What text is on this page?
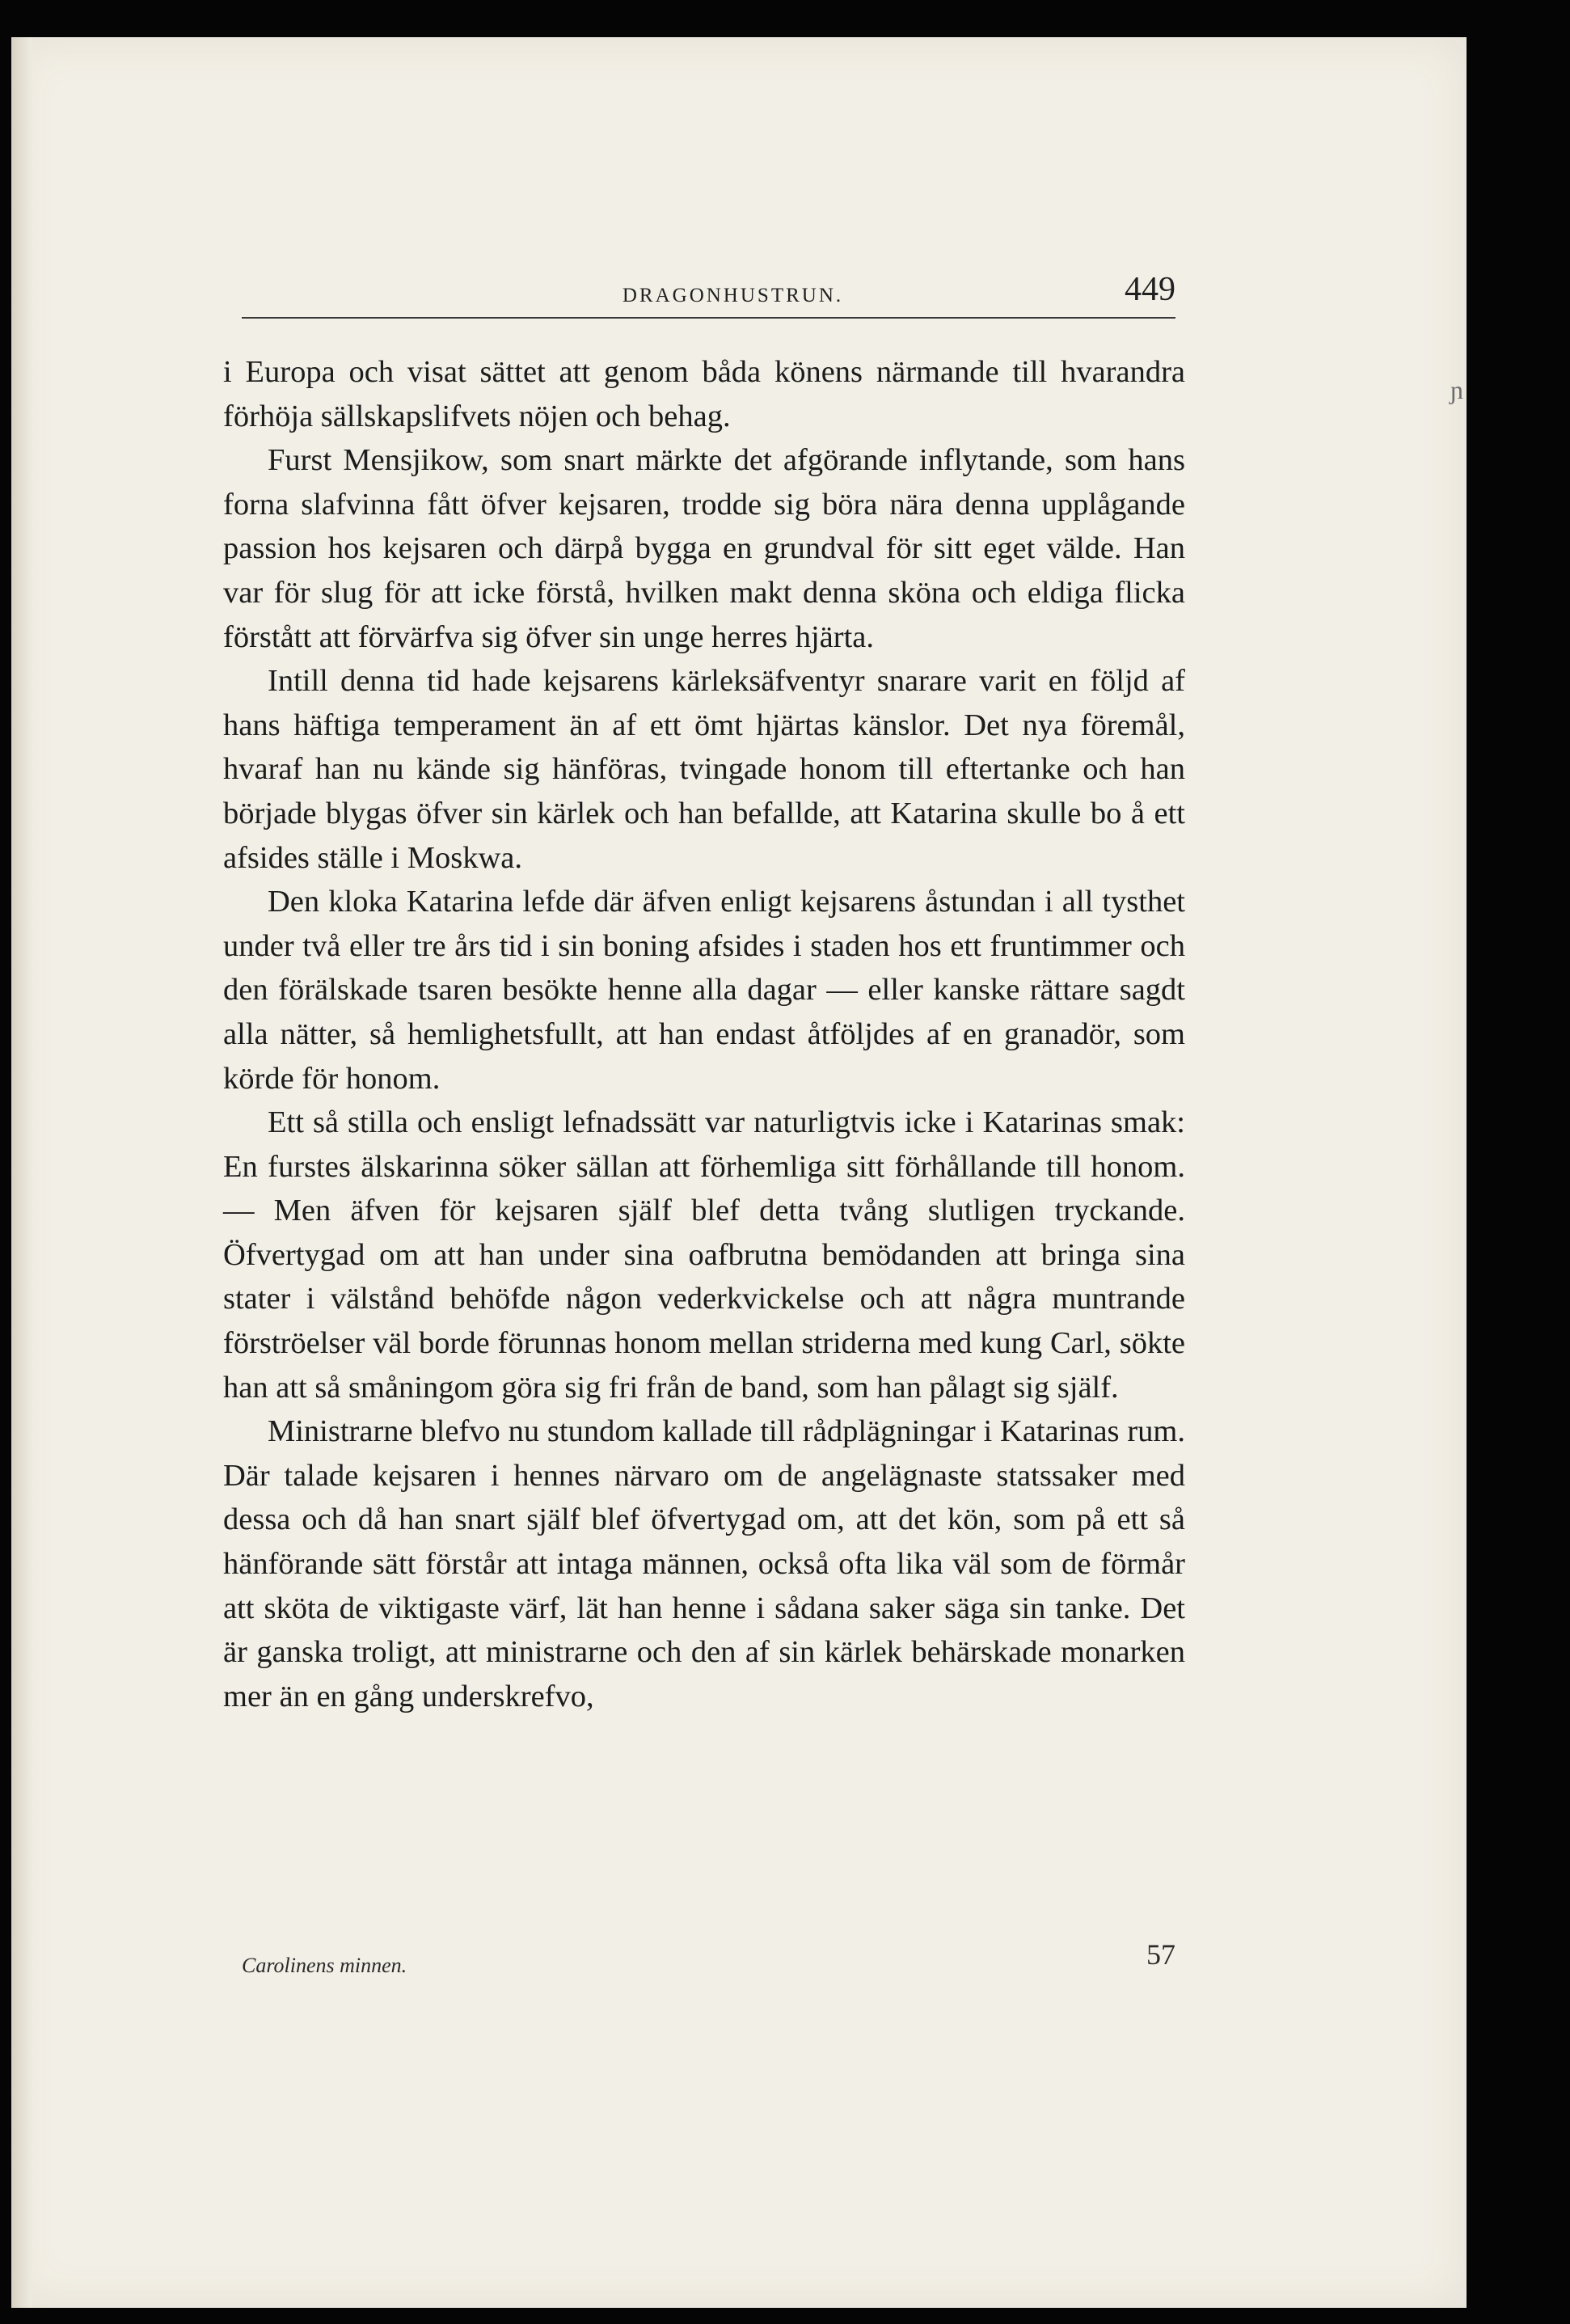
DRAGONHUSTRUN.	449

i Europa och visat sättet att genom båda könens närmande till hvarandra förhöja sällskapslifvets nöjen och behag.

Furst Mensjikow, som snart märkte det afgörande inflytande, som hans forna slafvinna fått öfver kejsaren, trodde sig böra nära denna upplågande passion hos kejsaren och därpå bygga en grundval för sitt eget välde. Han var för slug för att icke förstå, hvilken makt denna sköna och eldiga flicka förstått att förvärfva sig öfver sin unge herres hjärta.

Intill denna tid hade kejsarens kärleksäfventyr snarare varit en följd af hans häftiga temperament än af ett ömt hjärtas känslor. Det nya föremål, hvaraf han nu kände sig hänföras, tvingade honom till eftertanke och han började blygas öfver sin kärlek och han befallde, att Katarina skulle bo å ett afsides ställe i Moskwa.

Den kloka Katarina lefde där äfven enligt kejsarens åstundan i all tysthet under två eller tre års tid i sin boning afsides i staden hos ett fruntimmer och den förälskade tsaren besökte henne alla dagar — eller kanske rättare sagdt alla nätter, så hemlighetsfullt, att han endast åtföljdes af en granadör, som körde för honom.

Ett så stilla och ensligt lefnadssätt var naturligtvis icke i Katarinas smak: En furstes älskarinna söker sällan att förhemliga sitt förhållande till honom. — Men äfven för kejsaren själf blef detta tvång slutligen tryckande. Öfvertygad om att han under sina oafbrutna bemödanden att bringa sina stater i välstånd behöfde någon vederkvickelse och att några muntrande förströelser väl borde förunnas honom mellan striderna med kung Carl, sökte han att så småningom göra sig fri från de band, som han pålagt sig själf.

Ministrarne blefvo nu stundom kallade till rådplägningar i Katarinas rum. Där talade kejsaren i hennes närvaro om de angelägnaste statssaker med dessa och då han snart själf blef öfvertygad om, att det kön, som på ett så hänförande sätt förstår att intaga männen, också ofta lika väl som de förmår att sköta de viktigaste värf, lät han henne i sådana saker säga sin tanke. Det är ganska troligt, att ministrarne och den af sin kärlek behärskade monarken mer än en gång underskrefvo,

Carolinens minnen.	57
ɲ
